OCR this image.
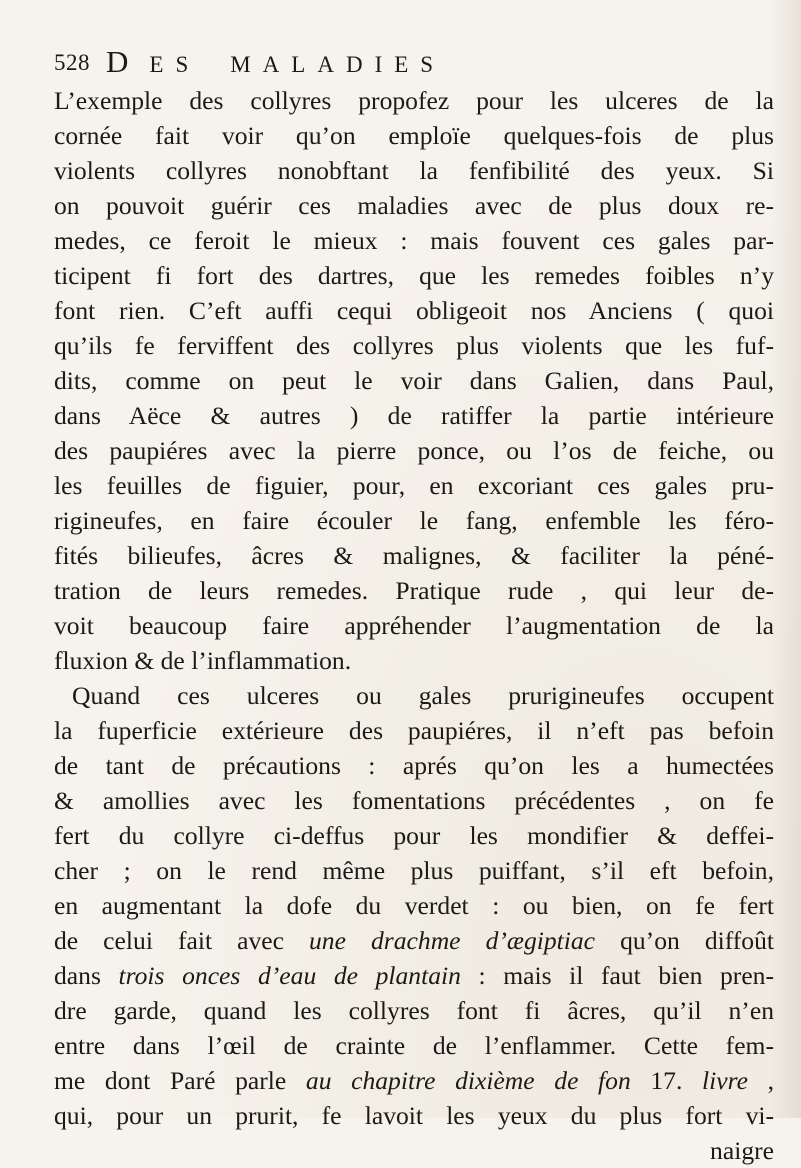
528 D ES MALADIES
L’exemple des collyres propofez pour les ulceres de la
cornée fait voir qu’on emploïe quelques-fois de plus
violents collyres nonobftant la fenfibilité des yeux. Si
on pouvoit guérir ces maladies avec de plus doux re-
medes, ce feroit le mieux : mais fouvent ces gales par-
ticipent fi fort des dartres, que les remedes foibles n’y
font rien. C’eft auffi cequi obligeoit nos Anciens ( quoi
qu’ils fe ferviffent des collyres plus violents que les fuf-
dits, comme on peut le voir dans Galien, dans Paul,
dans Aëce & autres ) de ratiffer la partie intérieure
des paupiéres avec la pierre ponce, ou l’os de feiche, ou
les feuilles de figuier, pour, en excoriant ces gales pru-
rigineufes, en faire écouler le fang, enfemble les féro-
fités bilieufes, âcres & malignes, & faciliter la péné-
tration de leurs remedes. Pratique rude , qui leur de-
voit beaucoup faire appréhender l’augmentation de la
fluxion & de l’inflammation.
Quand ces ulceres ou gales prurigineufes occupent
la fuperficie extérieure des paupiéres, il n’eft pas befoin
de tant de précautions : aprés qu’on les a humectées
& amollies avec les fomentations précédentes , on fe
fert du collyre ci-deffus pour les mondifier & deffei-
cher ; on le rend même plus puiffant, s’il eft befoin,
en augmentant la dofe du verdet : ou bien, on fe fert
de celui fait avec une drachme d’ægiptiac qu’on diffoût
dans trois onces d’eau de plantain : mais il faut bien pren-
dre garde, quand les collyres font fi âcres, qu’il n’en
entre dans l’œil de crainte de l’enflammer. Cette fem-
me dont Paré parle au chapitre dixième de fon 17. livre ,
qui, pour un prurit, fe lavoit les yeux du plus fort vi-
naigre
